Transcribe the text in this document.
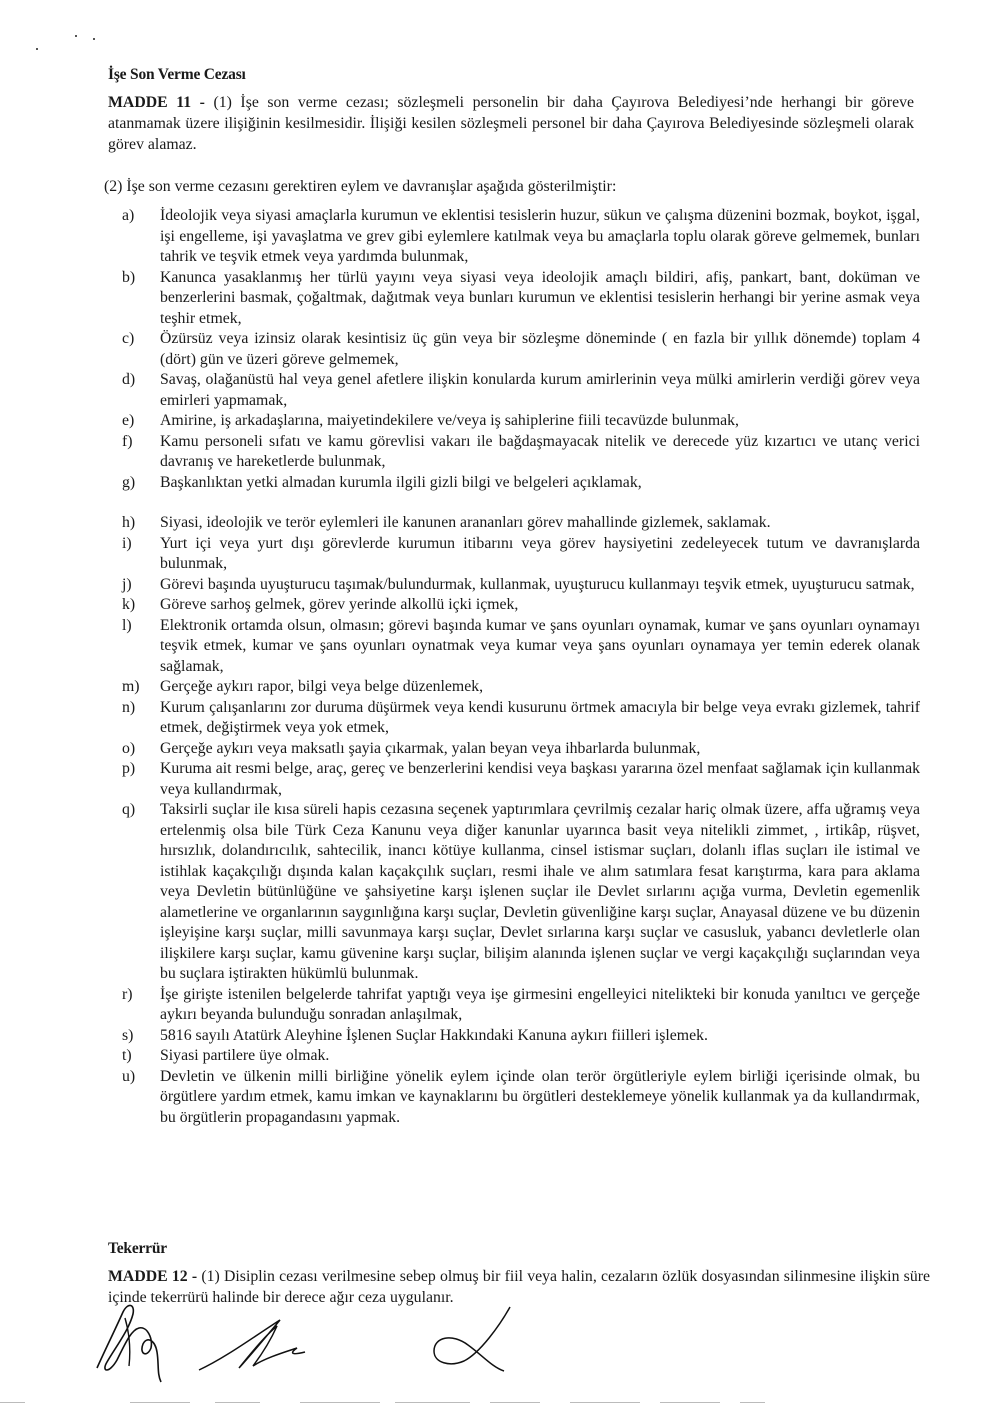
İşe Son Verme Cezası
MADDE 11 - (1) İşe son verme cezası; sözleşmeli personelin bir daha Çayırova Belediyesi’nde herhangi bir göreve atanmamak üzere ilişiğinin kesilmesidir. İlişiği kesilen sözleşmeli personel bir daha Çayırova Belediyesinde sözleşmeli olarak görev alamaz.
(2) İşe son verme cezasını gerektiren eylem ve davranışlar aşağıda gösterilmiştir:
a) İdeolojik veya siyasi amaçlarla kurumun ve eklentisi tesislerin huzur, sükun ve çalışma düzenini bozmak, boykot, işgal, işi engelleme, işi yavaşlatma ve grev gibi eylemlere katılmak veya bu amaçlarla toplu olarak göreve gelmemek, bunları tahrik ve teşvik etmek veya yardımda bulunmak,
b) Kanunca yasaklanmış her türlü yayını veya siyasi veya ideolojik amaçlı bildiri, afiş, pankart, bant, doküman ve benzerlerini basmak, çoğaltmak, dağıtmak veya bunları kurumun ve eklentisi tesislerin herhangi bir yerine asmak veya teşhir etmek,
c) Özürsüz veya izinsiz olarak kesintisiz üç gün veya bir sözleşme döneminde ( en fazla bir yıllık dönemde) toplam 4 (dört) gün ve üzeri göreve gelmemek,
d) Savaş, olağanüstü hal veya genel afetlere ilişkin konularda kurum amirlerinin veya mülki amirlerin verdiği görev veya emirleri yapmamak,
e) Amirine, iş arkadaşlarına, maiyetindekilere ve/veya iş sahiplerine fiili tecavüzde bulunmak,
f) Kamu personeli sıfatı ve kamu görevlisi vakarı ile bağdaşmayacak nitelik ve derecede yüz kızartıcı ve utanç verici davranış ve hareketlerde bulunmak,
g) Başkanlıktan yetki almadan kurumla ilgili gizli bilgi ve belgeleri açıklamak,
h) Siyasi, ideolojik ve terör eylemleri ile kanunen arananları görev mahallinde gizlemek, saklamak.
i) Yurt içi veya yurt dışı görevlerde kurumun itibarını veya görev haysiyetini zedeleyecek tutum ve davranışlarda bulunmak,
j) Görevi başında uyuşturucu taşımak/bulundurmak, kullanmak, uyuşturucu kullanmayı teşvik etmek, uyuşturucu satmak,
k) Göreve sarhoş gelmek, görev yerinde alkollü içki içmek,
l) Elektronik ortamda olsun, olmasın; görevi başında kumar ve şans oyunları oynamak, kumar ve şans oyunları oynamayı teşvik etmek, kumar ve şans oyunları oynatmak veya kumar veya şans oyunları oynamaya yer temin ederek olanak sağlamak,
m) Gerçeğe aykırı rapor, bilgi veya belge düzenlemek,
n) Kurum çalışanlarını zor duruma düşürmek veya kendi kusurunu örtmek amacıyla bir belge veya evrakı gizlemek, tahrif etmek, değiştirmek veya yok etmek,
o) Gerçeğe aykırı veya maksatlı şayia çıkarmak, yalan beyan veya ihbarlarda bulunmak,
p) Kuruma ait resmi belge, araç, gereç ve benzerlerini kendisi veya başkası yararına özel menfaat sağlamak için kullanmak veya kullandırmak,
q) Taksirli suçlar ile kısa süreli hapis cezasına seçenek yaptırımlara çevrilmiş cezalar hariç olmak üzere, affa uğramış veya ertelenmiş olsa bile Türk Ceza Kanunu veya diğer kanunlar uyarınca basit veya nitelikli zimmet, , irtikâp, rüşvet, hırsızlık, dolandırıcılık, sahtecilik, inancı kötüye kullanma, cinsel istismar suçları, dolanlı iflas suçları ile istimal ve istihlak kaçakçılığı dışında kalan kaçakçılık suçları, resmi ihale ve alım satımlara fesat karıştırma, kara para aklama veya Devletin bütünlüğüne ve şahsiyetine karşı işlenen suçlar ile Devlet sırlarını açığa vurma, Devletin egemenlik alametlerine ve organlarının saygınlığına karşı suçlar, Devletin güvenliğine karşı suçlar, Anayasal düzene ve bu düzenin işleyişine karşı suçlar, milli savunmaya karşı suçlar, Devlet sırlarına karşı suçlar ve casusluk, yabancı devletlerle olan ilişkilere karşı suçlar, kamu güvenine karşı suçlar, bilişim alanında işlenen suçlar ve vergi kaçakçılığı suçlarından veya bu suçlara iştirakten hükümlü bulunmak.
r) İşe girişte istenilen belgelerde tahrifat yaptığı veya işe girmesini engelleyici nitelikteki bir konuda yanıltıcı ve gerçeğe aykırı beyanda bulunduğu sonradan anlaşılmak,
s) 5816 sayılı Atatürk Aleyhine İşlenen Suçlar Hakkındaki Kanuna aykırı fiilleri işlemek.
t) Siyasi partilere üye olmak.
u) Devletin ve ülkenin milli birliğine yönelik eylem içinde olan terör örgütleriyle eylem birliği içerisinde olmak, bu örgütlere yardım etmek, kamu imkan ve kaynaklarını bu örgütleri desteklemeye yönelik kullanmak ya da kullandırmak, bu örgütlerin propagandasını yapmak.
Tekerrür
MADDE 12 - (1) Disiplin cezası verilmesine sebep olmuş bir fiil veya halin, cezaların özlük dosyasından silinmesine ilişkin süre içinde tekerrürü halinde bir derece ağır ceza uygulanır.
